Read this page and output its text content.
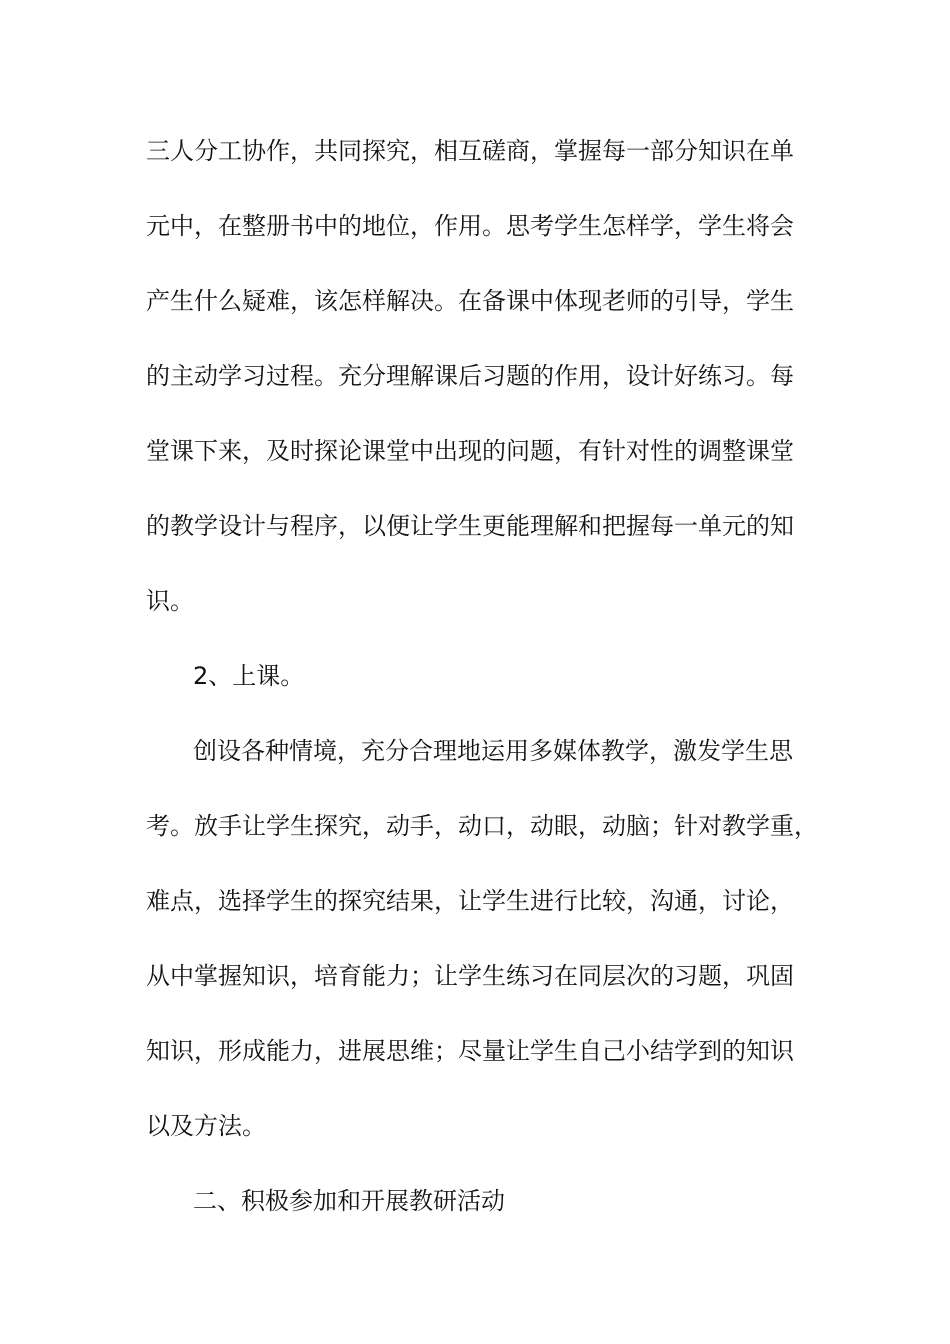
三人分工协作，共同探究，相互磋商，掌握每一部分知识在单

元中，在整册书中的地位，作用。思考学生怎样学，学生将会

产生什么疑难，该怎样解决。在备课中体现老师的引导，学生

的主动学习过程。充分理解课后习题的作用，设计好练习。每

堂课下来，及时探论课堂中出现的问题，有针对性的调整课堂

的教学设计与程序，以便让学生更能理解和把握每一单元的知

识。

2、上课。

创设各种情境，充分合理地运用多媒体教学，激发学生思

考。放手让学生探究，动手，动口，动眼，动脑；针对教学重，

难点，选择学生的探究结果，让学生进行比较，沟通，讨论，

从中掌握知识，培育能力；让学生练习在同层次的习题，巩固

知识，形成能力，进展思维；尽量让学生自己小结学到的知识

以及方法。

二、积极参加和开展教研活动
